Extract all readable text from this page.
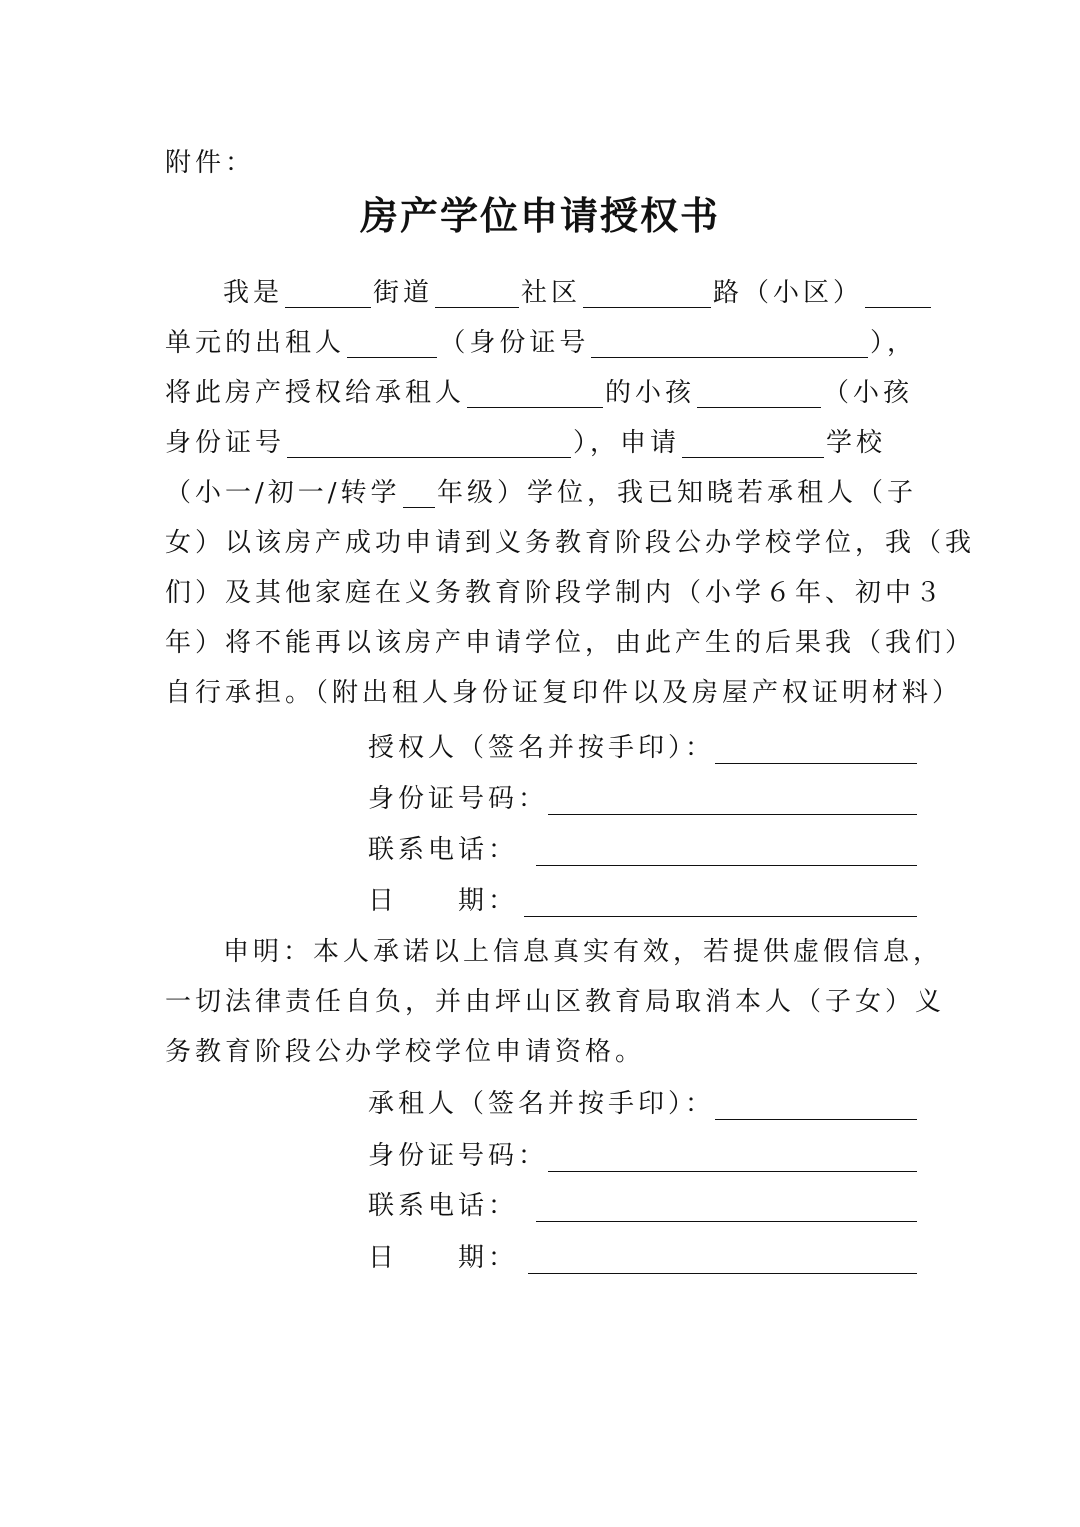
附件：
房产学位申请授权书
我是	街道	社区	路（小区）
单元的出租人	（身份证号	），
将此房产授权给承租人	的小孩	（小孩
身份证号	），申请	学校
（小一/初一/转学 年级）学位，我已知晓若承租人（子
女）以该房产成功申请到义务教育阶段公办学校学位，我（我
们）及其他家庭在义务教育阶段学制内（小学６年、初中３
年）将不能再以该房产申请学位，由此产生的后果我（我们）
自行承担。（附出租人身份证复印件以及房屋产权证明材料）
授权人（签名并按手印）：
身份证号码：
联系电话：
日　　期：
申明：本人承诺以上信息真实有效，若提供虚假信息，
一切法律责任自负，并由坪山区教育局取消本人（子女）义
务教育阶段公办学校学位申请资格。
承租人（签名并按手印）：
身份证号码：
联系电话：
日　　期：
